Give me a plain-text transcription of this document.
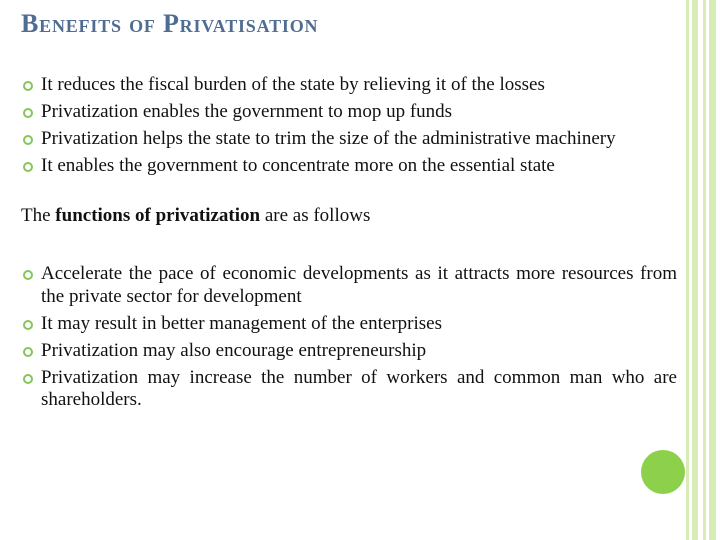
Benefits of Privatisation
It reduces the fiscal burden of the state by relieving it of the losses
Privatization enables the government to mop up funds
Privatization helps the state to trim the size of the administrative machinery
It enables the government to concentrate more on the essential state

The functions of privatization are as follows

Accelerate the pace of economic developments as it attracts more resources from the private sector for development
It may result in better management of the enterprises
Privatization may also encourage entrepreneurship
Privatization may increase the number of workers and common man who are shareholders.
